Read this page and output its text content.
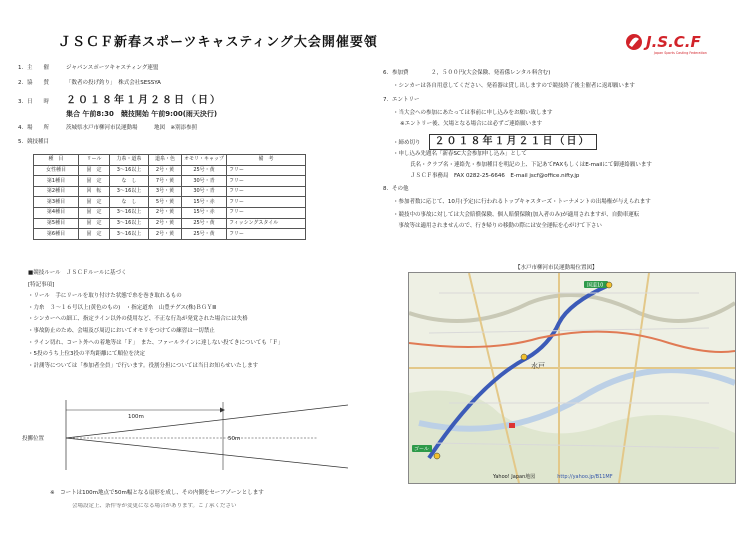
ＪＳＣＦ新春スポーツキャスティング大会開催要領	J.S.C.F
Japan Sports Casting Federation
1．主　　催	ジャパンスポーツキャスティング連盟
2．協　　賛	「数者の投げ釣り」　株式会社SESSYA
3．日　　時 ２０１８年１月２８日（日）
集合 午前8:30　競技開始 午前9:00(雨天決行)
4．場　　所	茨城県水戸市柳河市民運動場　　　地図　※別添参照
5．競技種目
種　目	リール	力糸・道糸	道糸・色	オモリ・キャップ	備　考
女性種目	固　定	3～16以上	2号・黄	25号・黄	フリー
第1種目	固　定	な　し	7号・黄	30号・青	フリー
第2種目	回　転	3～16以上	3号・黄	30号・青	フリー
第3種目	固　定	な　し	5号・黄	15号・赤	フリー
第4種目	固　定	3～16以上	2号・黄	15号・赤	フリー
第5種目	固　定	3～16以上	2号・黄	25号・黄	フィッシングスタイル
第6種目	固　定	3～16以上	2号・黄	25号・黄	フリー
■競技ルール　ＪＳＣＦルールに基づく
[特記事項]
・リール　手にリールを取り付けた状態で糸を巻き取れるもの
・力糸　３～１６号以上(黄色のもの)　・指定道糸　山豊テグス(株)ＢＧＹⅢ
・シンカーへの細工、指定ライン以外の使用など、不正な行為が発覚された場合には失格
・事故防止のため、会場及び周辺においてオモリをつけての練習は一切禁止
・ライン切れ、コート外への着地等は「Ｆ」　また、ファールラインに達しない投てきについても「Ｆ」
・5投のうち上位3投の平均距離にて順位を決定
・計測等については「参加者全員」で行います。役割分担については当日お知らせいたします
100m
50m
投擲位置
※　コートは100m地点で50m幅となる扇形を成し、その内側をセーフゾーンとします
会場設定上、条件等が変更になる場合があります。ご了承ください
6．参加費	２，５００円(大会保険、発着係レンタル料含む)
・シンカーは各自用意してください、発着器は貸し出しますので競技終了後主催者に返却願います
7．エントリー
・当大会への参加にあたっては事前に申し込みをお願い致します
※エントリー後、欠場となる場合には必ずご連絡願います
・締め切り ２０１８年１月２１日（日）
・申し込み先題名「新春SC大会参加申し込み」として
氏名・クラブ名・連絡先・参加種目を明記の上、下記あてFAXもしくはE-mailにて御連絡願います
ＪＳＣＦ事務局　FAX 0282-25-6646　E-mail jscf@office.nifty.jp
8．その他
・参加者数に応じて、10月(予定)に行われるトップキャスターズ・トーナメントの出場権が与えられます
・競技中の事故に対しては大会賠償保険、個人賠償保険(加入者のみ)が適用されますが、自動車運転
　事故等は適用されませんので、行き帰りの移動の際には安全運転を心がけて下さい
【水戸市柳河市民運動場位置図】
国道10
水戸
ゴール
Yahoo! Japan地図	http://yahoo.jp/B11MF
